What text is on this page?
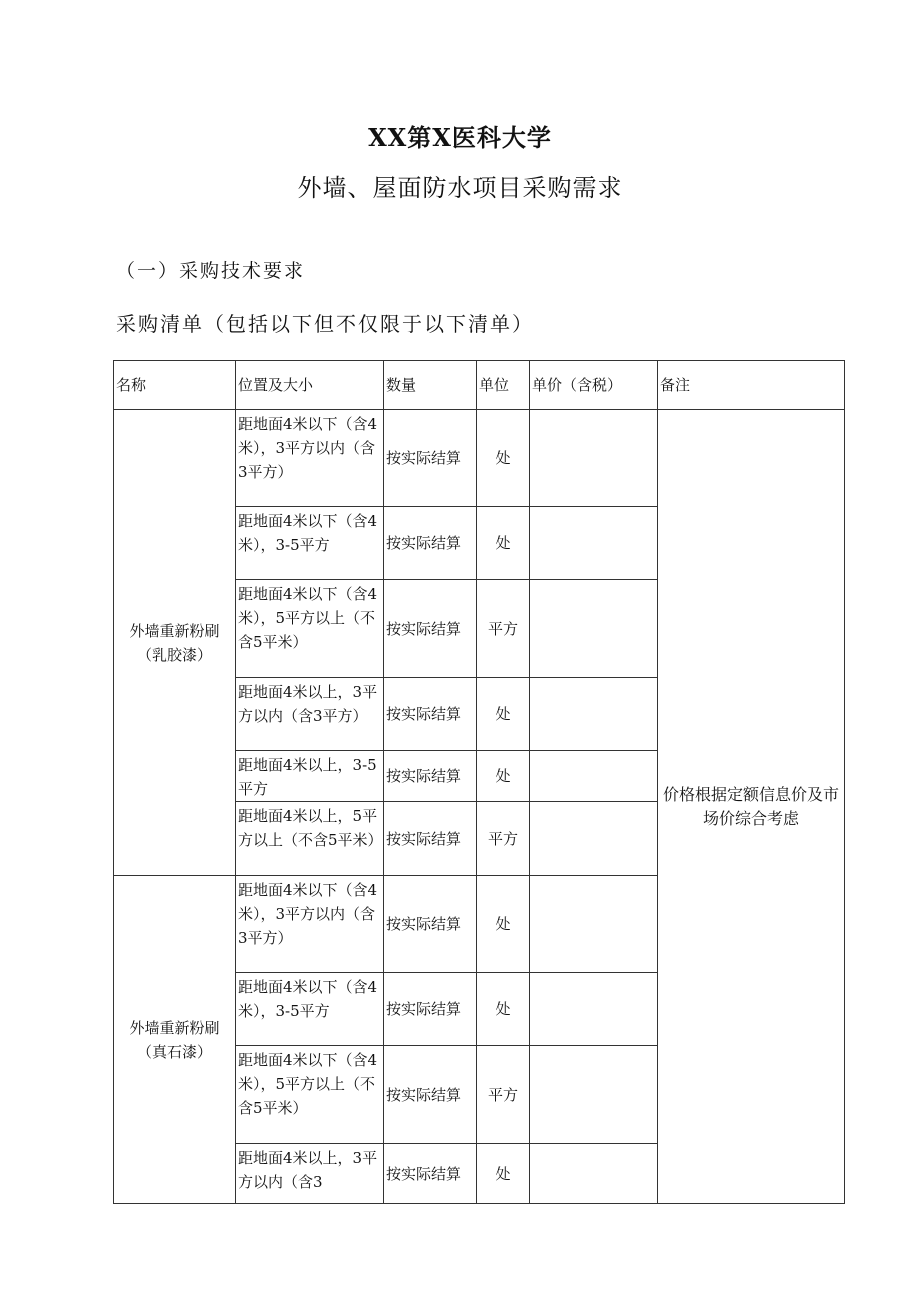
XX第X医科大学
外墙、屋面防水项目采购需求
（一）采购技术要求
采购清单（包括以下但不仅限于以下清单）
名称	位置及大小	数量	单位	单价（含税）	备注

外墙重新粉刷
（乳胶漆）	距地面4米以下（含4米），3平方以内（含3平方）	按实际结算	处		价格根据定额信息价及市场价综合考虑
	距地面4米以下（含4米），3-5平方	按实际结算	处		
	距地面4米以下（含4米），5平方以上（不含5平米）	按实际结算	平方		
	距地面4米以上，3平方以内（含3平方）	按实际结算	处		
	距地面4米以上，3-5平方	按实际结算	处		
	距地面4米以上，5平方以上（不含5平米）	按实际结算	平方		

外墙重新粉刷
（真石漆）	距地面4米以下（含4米），3平方以内（含3平方）	按实际结算	处		
	距地面4米以下（含4米），3-5平方	按实际结算	处		
	距地面4米以下（含4米），5平方以上（不含5平米）	按实际结算	平方		
	距地面4米以上，3平方以内（含3	按实际结算	处		
